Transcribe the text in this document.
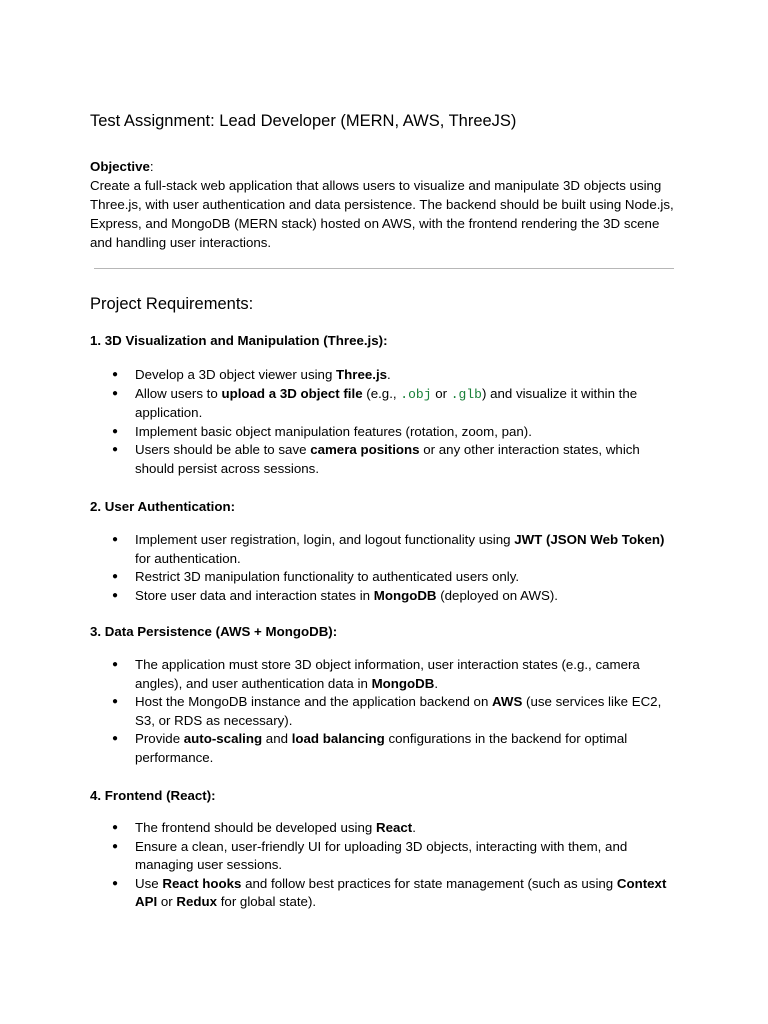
Test Assignment: Lead Developer (MERN, AWS, ThreeJS)
Objective:

Create a full-stack web application that allows users to visualize and manipulate 3D objects using Three.js, with user authentication and data persistence. The backend should be built using Node.js, Express, and MongoDB (MERN stack) hosted on AWS, with the frontend rendering the 3D scene and handling user interactions.

Project Requirements:
1. 3D Visualization and Manipulation (Three.js):
● Develop a 3D object viewer using Three.js.
● Allow users to upload a 3D object file (e.g., .obj or .glb) and visualize it within the application.
● Implement basic object manipulation features (rotation, zoom, pan).
● Users should be able to save camera positions or any other interaction states, which should persist across sessions.
2. User Authentication:
● Implement user registration, login, and logout functionality using JWT (JSON Web Token) for authentication.
● Restrict 3D manipulation functionality to authenticated users only.
● Store user data and interaction states in MongoDB (deployed on AWS).
3. Data Persistence (AWS + MongoDB):
● The application must store 3D object information, user interaction states (e.g., camera angles), and user authentication data in MongoDB.
● Host the MongoDB instance and the application backend on AWS (use services like EC2, S3, or RDS as necessary).
● Provide auto-scaling and load balancing configurations in the backend for optimal performance.
4. Frontend (React):
● The frontend should be developed using React.
● Ensure a clean, user-friendly UI for uploading 3D objects, interacting with them, and managing user sessions.
● Use React hooks and follow best practices for state management (such as using Context API or Redux for global state).
